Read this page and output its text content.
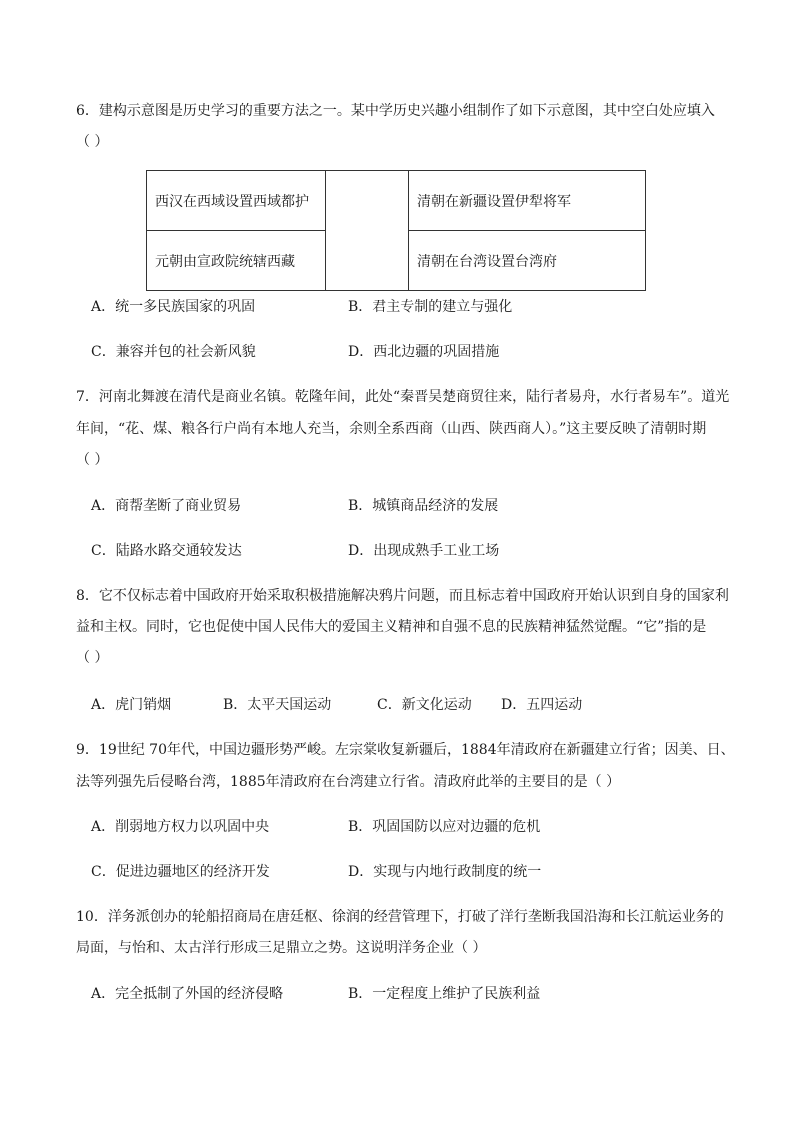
6．建构示意图是历史学习的重要方法之一。某中学历史兴趣小组制作了如下示意图，其中空白处应填入
（ ）
西汉在西域设置西域都护		清朝在新疆设置伊犁将军
元朝由宣政院统辖西藏		清朝在台湾设置台湾府
A．统一多民族国家的巩固	B．君主专制的建立与强化
C．兼容并包的社会新风貌	D．西北边疆的巩固措施
7．河南北舞渡在清代是商业名镇。乾隆年间，此处“秦晋吴楚商贸往来，陆行者易舟，水行者易车”。道光
年间，“花、煤、粮各行户尚有本地人充当，余则全系西商（山西、陕西商人）。”这主要反映了清朝时期
（ ）
A．商帮垄断了商业贸易	B．城镇商品经济的发展
C．陆路水路交通较发达	D．出现成熟手工业工场
8．它不仅标志着中国政府开始采取积极措施解决鸦片问题，而且标志着中国政府开始认识到自身的国家利
益和主权。同时，它也促使中国人民伟大的爱国主义精神和自强不息的民族精神猛然觉醒。“它”指的是
（ ）
A．虎门销烟	B．太平天国运动	C．新文化运动 D．五四运动
9．19世纪 70年代，中国边疆形势严峻。左宗棠收复新疆后，1884年清政府在新疆建立行省；因美、日、
法等列强先后侵略台湾，1885年清政府在台湾建立行省。清政府此举的主要目的是（ ）
A．削弱地方权力以巩固中央	B．巩固国防以应对边疆的危机
C．促进边疆地区的经济开发	D．实现与内地行政制度的统一
10．洋务派创办的轮船招商局在唐廷枢、徐润的经营管理下，打破了洋行垄断我国沿海和长江航运业务的
局面，与怡和、太古洋行形成三足鼎立之势。这说明洋务企业（ ）
A．完全抵制了外国的经济侵略	B．一定程度上维护了民族利益
